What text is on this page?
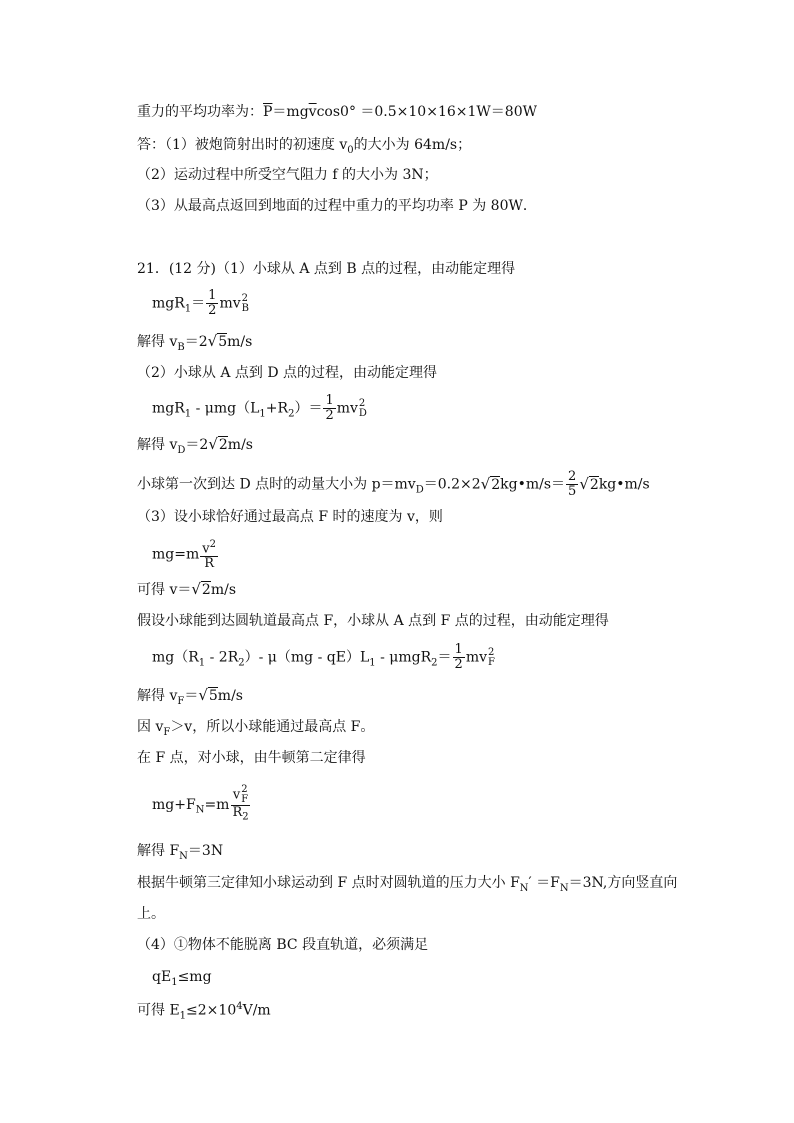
重力的平均功率为：$\overline{P}=mg\overline{v}\cos 0^\circ =0.5\times 10\times 16\times 1W=80W$
答：（1）被炮筒射出时的初速度 $v_0$的大小为 64m/s；
（2）运动过程中所受空气阻力 f 的大小为 3N；
（3）从最高点返回到地面的过程中重力的平均功率 P 为 80W．
21．(12 分)（1）小球从 A 点到 B 点的过程，由动能定理得
$mgR_1= \frac{1}{2}$ mv 2
B
解得 $v_B=2√5m/s$
（2）小球从 A 点到 D 点的过程，由动能定理得
$mgR_1 - \mu mg(L_1+R_2)= \frac{1}{2}$ mv 2
D
解得 $v_D=2√2m/s$
小球第一次到达 D 点时的动量大小为 $p=mv_D=0.2\times 2√2kg•m/s= \frac{2}{5}$ √2kg•m/s
（3）设小球恰好通过最高点 F 时的速度为 v，则
$mg=m \frac{v^2}{R}$
可得 v＝√2m/s
假设小球能到达圆轨道最高点 F，小球从 A 点到 F 点的过程，由动能定理得
$mg(R_1 - 2R_2)-$ $\mu(mg - qE)L_1 - \mu mgR_2= \frac{1}{2}$ mv 2
F
解得 $v_F=√5m/s$
因 $v_F>v$，所以小球能通过最高点 F。
在 F 点，对小球，由牛顿第二定律得
$mg+F_N=m$ v 2
F
$R_2$
解得 $F_N=3N$
根据牛顿第三定律知小球运动到 F 点时对圆轨道的压力大小 $F_N' =F_N=3N$,方向竖直向
上。
（4）①物体不能脱离 BC 段直轨道，必须满足
$qE_1\le mg$
可得 $E_1\le 2\times 10^4V/m$
